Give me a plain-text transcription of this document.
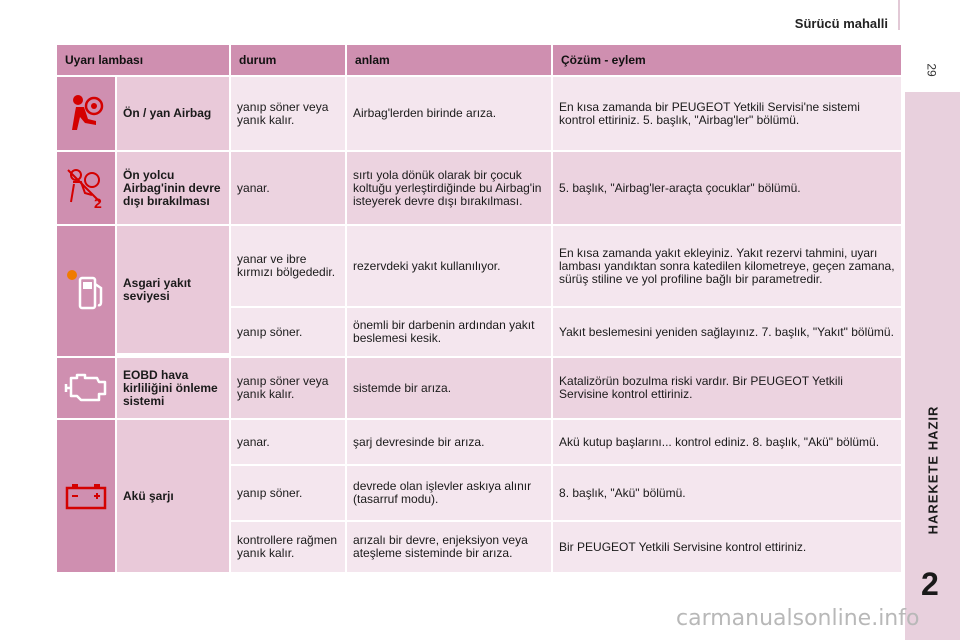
Sürücü mahalli
29
HAREKETE HAZIR
2
Uyarı lambası		durum	anlam	Çözüm - eylem

	Ön / yan Airbag	yanıp söner veya yanık kalır.	Airbag'lerden birinde arıza.	En kısa zamanda bir PEUGEOT Yetkili Servisi'ne sistemi kontrol ettiriniz. 5. başlık, "Airbag'ler" bölümü.

2	Ön yolcu Airbag'inin devre dışı bırakılması	yanar.	sırtı yola dönük olarak bir çocuk koltuğu yerleştirdiğinde bu Airbag'in isteyerek devre dışı bırakılması.	5. başlık, "Airbag'ler-araçta çocuklar" bölümü.

	Asgari yakıt seviyesi	yanar ve ibre kırmızı bölgededir.	rezervdeki yakıt kullanılıyor.	En kısa zamanda yakıt ekleyiniz. Yakıt rezervi tahmini, uyarı lambası yandıktan sonra katedilen kilometreye, geçen zamana, sürüş stiline ve yol profiline bağlı bir parametredir.
		yanıp söner.	önemli bir darbenin ardından yakıt beslemesi kesik.	Yakıt beslemesini yeniden sağlayınız. 7. başlık, "Yakıt" bölümü.

	EOBD hava kirliliğini önleme sistemi	yanıp söner veya yanık kalır.	sistemde bir arıza.	Katalizörün bozulma riski vardır. Bir PEUGEOT Yetkili Servisine kontrol ettiriniz.

	Akü şarjı	yanar.	şarj devresinde bir arıza.	Akü kutup başlarını... kontrol ediniz. 8. başlık, "Akü" bölümü.
		yanıp söner.	devrede olan işlevler askıya alınır (tasarruf modu).	8. başlık, "Akü" bölümü.
		kontrollere rağmen yanık kalır.	arızalı bir devre, enjeksiyon veya ateşleme sisteminde bir arıza.	Bir PEUGEOT Yetkili Servisine kontrol ettiriniz.
carmanualsonline.info
